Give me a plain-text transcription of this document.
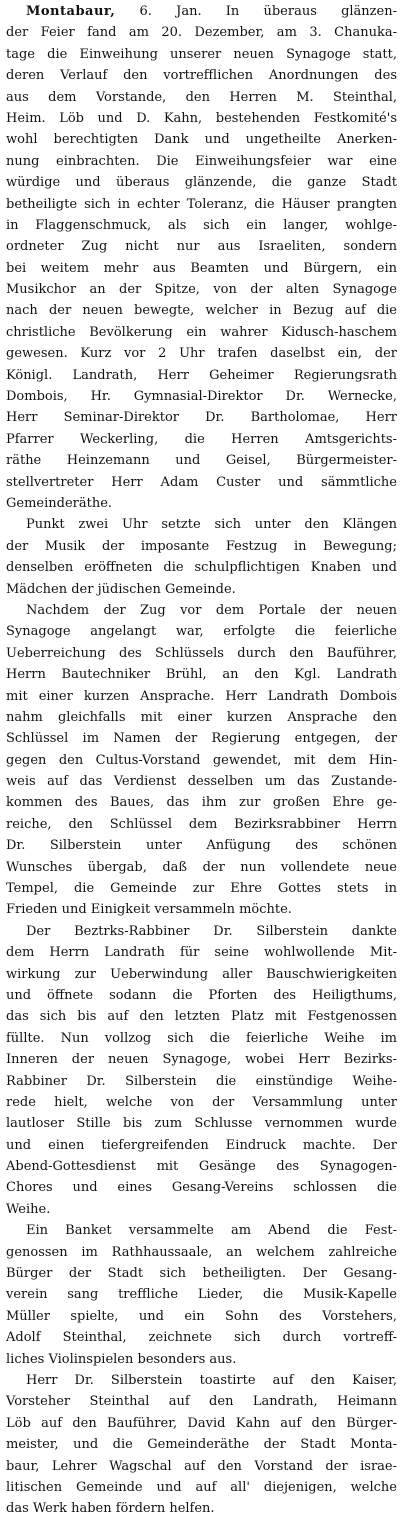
Montabaur, 6. Jan. In überaus glänzen-
der Feier fand am 20. Dezember, am 3. Chanuka-
tage die Einweihung unserer neuen Synagoge statt,
deren Verlauf den vortrefflichen Anordnungen des
aus dem Vorstande, den Herren M. Steinthal,
Heim. Löb und D. Kahn, bestehenden Festkomité's
wohl berechtigten Dank und ungetheilte Anerken-
nung einbrachten. Die Einweihungsfeier war eine
würdige und überaus glänzende, die ganze Stadt
betheiligte sich in echter Toleranz, die Häuser prangten
in Flaggenschmuck, als sich ein langer, wohlge-
ordneter Zug nicht nur aus Israeliten, sondern
bei weitem mehr aus Beamten und Bürgern, ein
Musikchor an der Spitze, von der alten Synagoge
nach der neuen bewegte, welcher in Bezug auf die
christliche Bevölkerung ein wahrer Kidusch-haschem
gewesen. Kurz vor 2 Uhr trafen daselbst ein, der
Königl. Landrath, Herr Geheimer Regierungsrath
Dombois, Hr. Gymnasial-Direktor Dr. Wernecke,
Herr Seminar-Direktor Dr. Bartholomae, Herr
Pfarrer Weckerling, die Herren Amtsgerichts-
räthe Heinzemann und Geisel, Bürgermeister-
stellvertreter Herr Adam Custer und sämmtliche
Gemeinderäthe.
Punkt zwei Uhr setzte sich unter den Klängen
der Musik der imposante Festzug in Bewegung;
denselben eröffneten die schulpflichtigen Knaben und
Mädchen der jüdischen Gemeinde.
Nachdem der Zug vor dem Portale der neuen
Synagoge angelangt war, erfolgte die feierliche
Ueberreichung des Schlüssels durch den Bauführer,
Herrn Bautechniker Brühl, an den Kgl. Landrath
mit einer kurzen Ansprache. Herr Landrath Dombois
nahm gleichfalls mit einer kurzen Ansprache den
Schlüssel im Namen der Regierung entgegen, der
gegen den Cultus-Vorstand gewendet, mit dem Hin-
weis auf das Verdienst desselben um das Zustande-
kommen des Baues, das ihm zur großen Ehre ge-
reiche, den Schlüssel dem Bezirksrabbiner Herrn
Dr. Silberstein unter Anfügung des schönen
Wunsches übergab, daß der nun vollendete neue
Tempel, die Gemeinde zur Ehre Gottes stets in
Frieden und Einigkeit versammeln möchte.
Der Beztrks-Rabbiner Dr. Silberstein dankte
dem Herrn Landrath für seine wohlwollende Mit-
wirkung zur Ueberwindung aller Bauschwierigkeiten
und öffnete sodann die Pforten des Heiligthums,
das sich bis auf den letzten Platz mit Festgenossen
füllte. Nun vollzog sich die feierliche Weihe im
Inneren der neuen Synagoge, wobei Herr Bezirks-
Rabbiner Dr. Silberstein die einstündige Weihe-
rede hielt, welche von der Versammlung unter
lautloser Stille bis zum Schlusse vernommen wurde
und einen tiefergreifenden Eindruck machte. Der
Abend-Gottesdienst mit Gesänge des Synagogen-
Chores und eines Gesang-Vereins schlossen die
Weihe.
Ein Banket versammelte am Abend die Fest-
genossen im Rathhaussaale, an welchem zahlreiche
Bürger der Stadt sich betheiligten. Der Gesang-
verein sang treffliche Lieder, die Musik-Kapelle
Müller spielte, und ein Sohn des Vorstehers,
Adolf Steinthal, zeichnete sich durch vortreff-
liches Violinspielen besonders aus.
Herr Dr. Silberstein toastirte auf den Kaiser,
Vorsteher Steinthal auf den Landrath, Heimann
Löb auf den Bauführer, David Kahn auf den Bürger-
meister, und die Gemeinderäthe der Stadt Monta-
baur, Lehrer Wagschal auf den Vorstand der israe-
litischen Gemeinde und auf all' diejenigen, welche
das Werk haben fördern helfen.
